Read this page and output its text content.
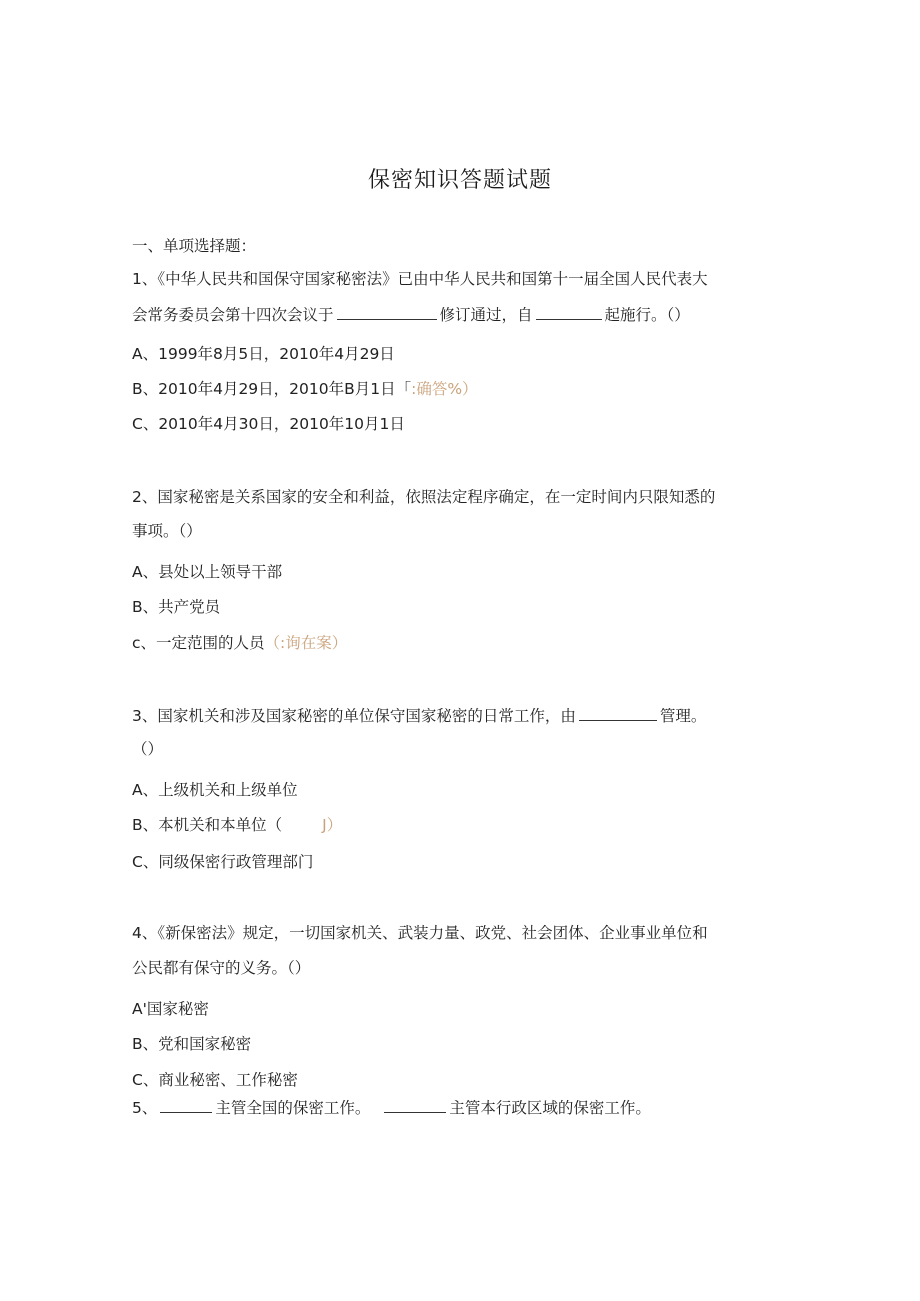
保密知识答题试题
一、单项选择题：
1、《中华人民共和国保守国家秘密法》已由中华人民共和国第十一届全国人民代表大
会常务委员会第十四次会议于	修订通过，自	起施行。（）
A、1999年8月5日，2010年4月29日
B、2010年4月29日，2010年B月1日「:确答%）
C、2010年4月30日，2010年10月1日
2、国家秘密是关系国家的安全和利益，依照法定程序确定，在一定时间内只限知悉的
事项。（）
A、县处以上领导干部
B、共产党员
c、一定范围的人员（:询在案）
3、国家机关和涉及国家秘密的单位保守国家秘密的日常工作，由	管理。
（）
A、上级机关和上级单位
B、本机关和本单位（	J）
C、同级保密行政管理部门
4、《新保密法》规定，一切国家机关、武装力量、政党、社会团体、企业事业单位和
公民都有保守的义务。（）
A'国家秘密
B、党和国家秘密
C、商业秘密、工作秘密
5、	主管全国的保密工作。	主管本行政区域的保密工作。
